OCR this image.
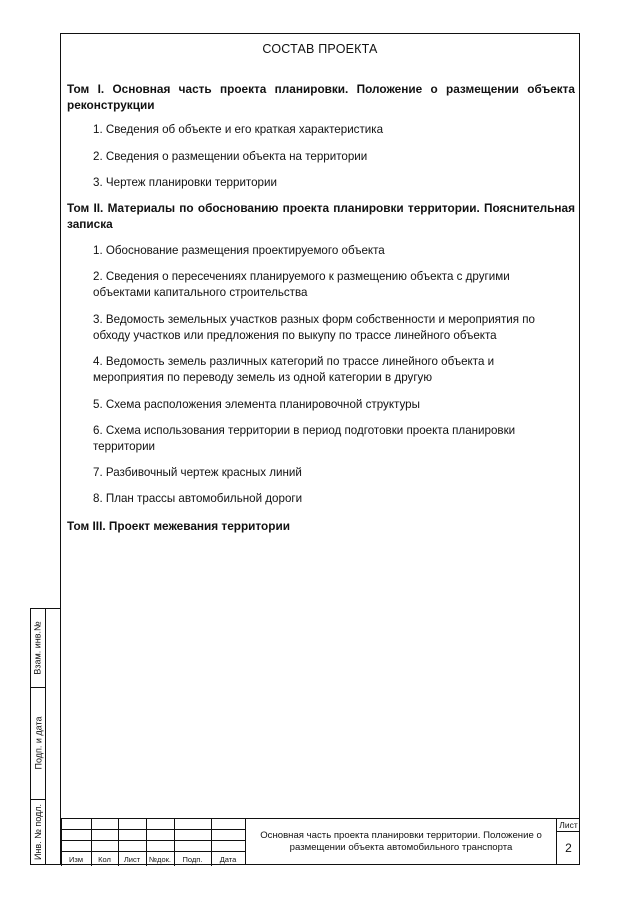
СОСТАВ ПРОЕКТА
Том I. Основная часть проекта планировки. Положение о размещении объекта реконструкции
1. Сведения об объекте и его краткая характеристика
2. Сведения о размещении объекта на территории
3. Чертеж планировки территории
Том II. Материалы по обоснованию проекта планировки территории. Пояснительная записка
1. Обоснование размещения проектируемого объекта
2. Сведения о пересечениях планируемого к размещению объекта с другими объектами капитального строительства
3. Ведомость земельных участков разных форм собственности и мероприятия по обходу участков или предложения по выкупу по трассе линейного объекта
4. Ведомость земель различных категорий по трассе линейного объекта и мероприятия по переводу земель из одной категории в другую
5. Схема расположения элемента планировочной структуры
6. Схема использования территории в период подготовки проекта планировки территории
7. Разбивочный чертеж красных линий
8. План трассы автомобильной дороги
Том III. Проект межевания территории
Взам. инв.№
Подп. и дата
Инв. № подл.	Изм	Кол	Лист	№док.	Подп.	Дата
Основная часть проекта планировки территории. Положение о размещении объекта автомобильного транспорта
Лист
2
